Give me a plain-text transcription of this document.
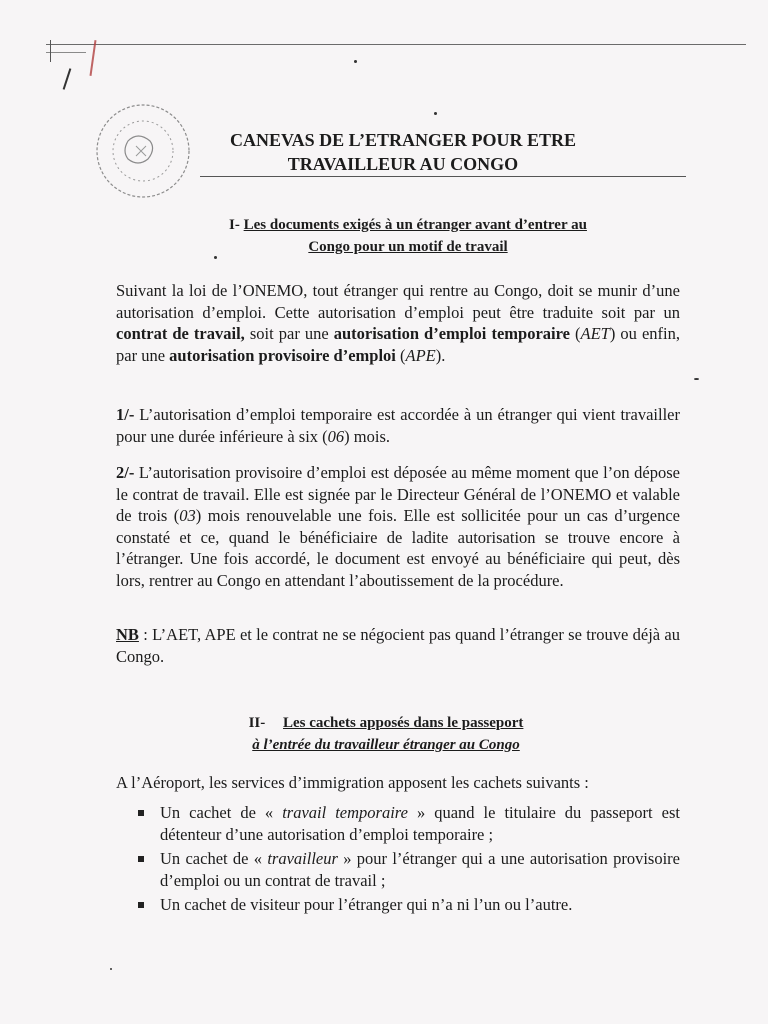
CANEVAS DE L’ETRANGER POUR ETRE
TRAVAILLEUR AU CONGO
I- Les documents exigés à un étranger avant d’entrer au
Congo pour un motif de travail
Suivant la loi de l’ONEMO, tout étranger qui rentre au Congo, doit se munir d’une autorisation d’emploi. Cette autorisation d’emploi peut être traduite soit par un contrat de travail, soit par une autorisation d’emploi temporaire (AET) ou enfin, par une autorisation provisoire d’emploi (APE).
1/- L’autorisation d’emploi temporaire est accordée à un étranger qui vient travailler pour une durée inférieure à six (06) mois.
2/- L’autorisation provisoire d’emploi est déposée au même moment que l’on dépose le contrat de travail. Elle est signée par le Directeur Général de l’ONEMO et valable de trois (03) mois renouvelable une fois. Elle est sollicitée pour un cas d’urgence constaté et ce, quand le bénéficiaire de ladite autorisation se trouve encore à l’étranger. Une fois accordé, le document est envoyé au bénéficiaire qui peut, dès lors, rentrer au Congo en attendant l’aboutissement de la procédure.
NB : L’AET, APE et le contrat ne se négocient pas quand l’étranger se trouve déjà au Congo.
II- Les cachets apposés dans le passeport
à l’entrée du travailleur étranger au Congo
A l’Aéroport, les services d’immigration apposent les cachets suivants :
Un cachet de « travail temporaire » quand le titulaire du passeport est détenteur d’une autorisation d’emploi temporaire ;
Un cachet de « travailleur » pour l’étranger qui a une autorisation provisoire d’emploi ou un contrat de travail ;
Un cachet de visiteur pour l’étranger qui n’a ni l’un ou l’autre.
